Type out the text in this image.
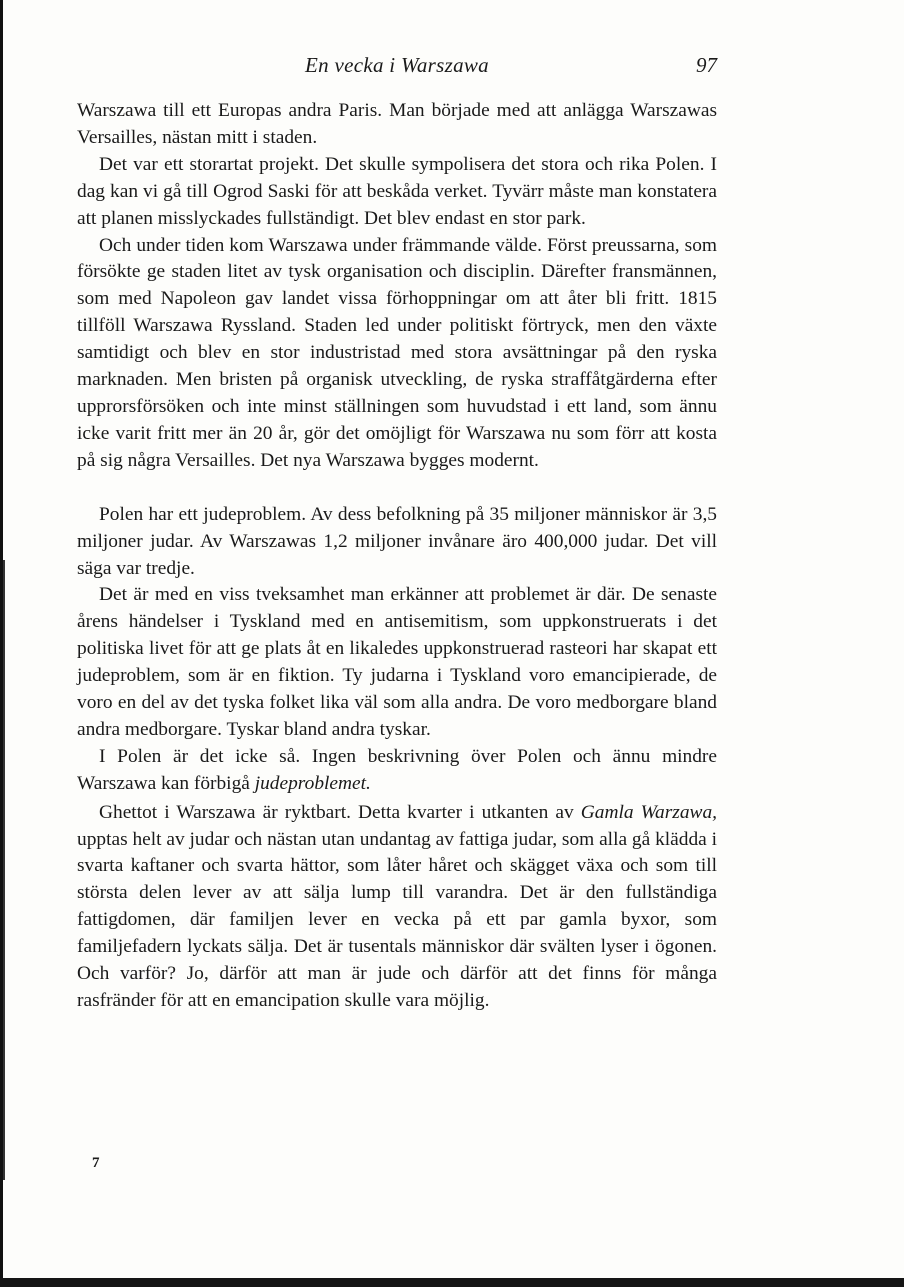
En vecka i Warszawa	97

Warszawa till ett Europas andra Paris. Man började med att anlägga Warszawas Versailles, nästan mitt i staden.

Det var ett storartat projekt. Det skulle sympolisera det stora och rika Polen. I dag kan vi gå till Ogrod Saski för att beskåda verket. Tyvärr måste man konstatera att planen misslyckades fullständigt. Det blev endast en stor park.

Och under tiden kom Warszawa under främmande välde. Först preussarna, som försökte ge staden litet av tysk organisation och disciplin. Därefter fransmännen, som med Napoleon gav landet vissa förhoppningar om att åter bli fritt. 1815 tillföll Warszawa Ryssland. Staden led under politiskt förtryck, men den växte samtidigt och blev en stor industristad med stora avsättningar på den ryska marknaden. Men bristen på organisk utveckling, de ryska straffåtgärderna efter upprorsförsöken och inte minst ställningen som huvudstad i ett land, som ännu icke varit fritt mer än 20 år, gör det omöjligt för Warszawa nu som förr att kosta på sig några Versailles. Det nya Warszawa bygges modernt.

Polen har ett judeproblem. Av dess befolkning på 35 miljoner människor är 3,5 miljoner judar. Av Warszawas 1,2 miljoner invånare äro 400,000 judar. Det vill säga var tredje.

Det är med en viss tveksamhet man erkänner att problemet är där. De senaste årens händelser i Tyskland med en antisemitism, som uppkonstruerats i det politiska livet för att ge plats åt en likaledes uppkonstruerad rasteori har skapat ett judeproblem, som är en fiktion. Ty judarna i Tyskland voro emancipierade, de voro en del av det tyska folket lika väl som alla andra. De voro medborgare bland andra medborgare. Tyskar bland andra tyskar.

I Polen är det icke så. Ingen beskrivning över Polen och ännu mindre Warszawa kan förbigå judeproblemet.

Ghettot i Warszawa är ryktbart. Detta kvarter i utkanten av Gamla Warzawa, upptas helt av judar och nästan utan undantag av fattiga judar, som alla gå klädda i svarta kaftaner och svarta hättor, som låter håret och skägget växa och som till största delen lever av att sälja lump till varandra. Det är den fullständiga fattigdomen, där familjen lever en vecka på ett par gamla byxor, som familjefadern lyckats sälja. Det är tusentals människor där svälten lyser i ögonen. Och varför? Jo, därför att man är jude och därför att det finns för många rasfränder för att en emancipation skulle vara möjlig.

7
